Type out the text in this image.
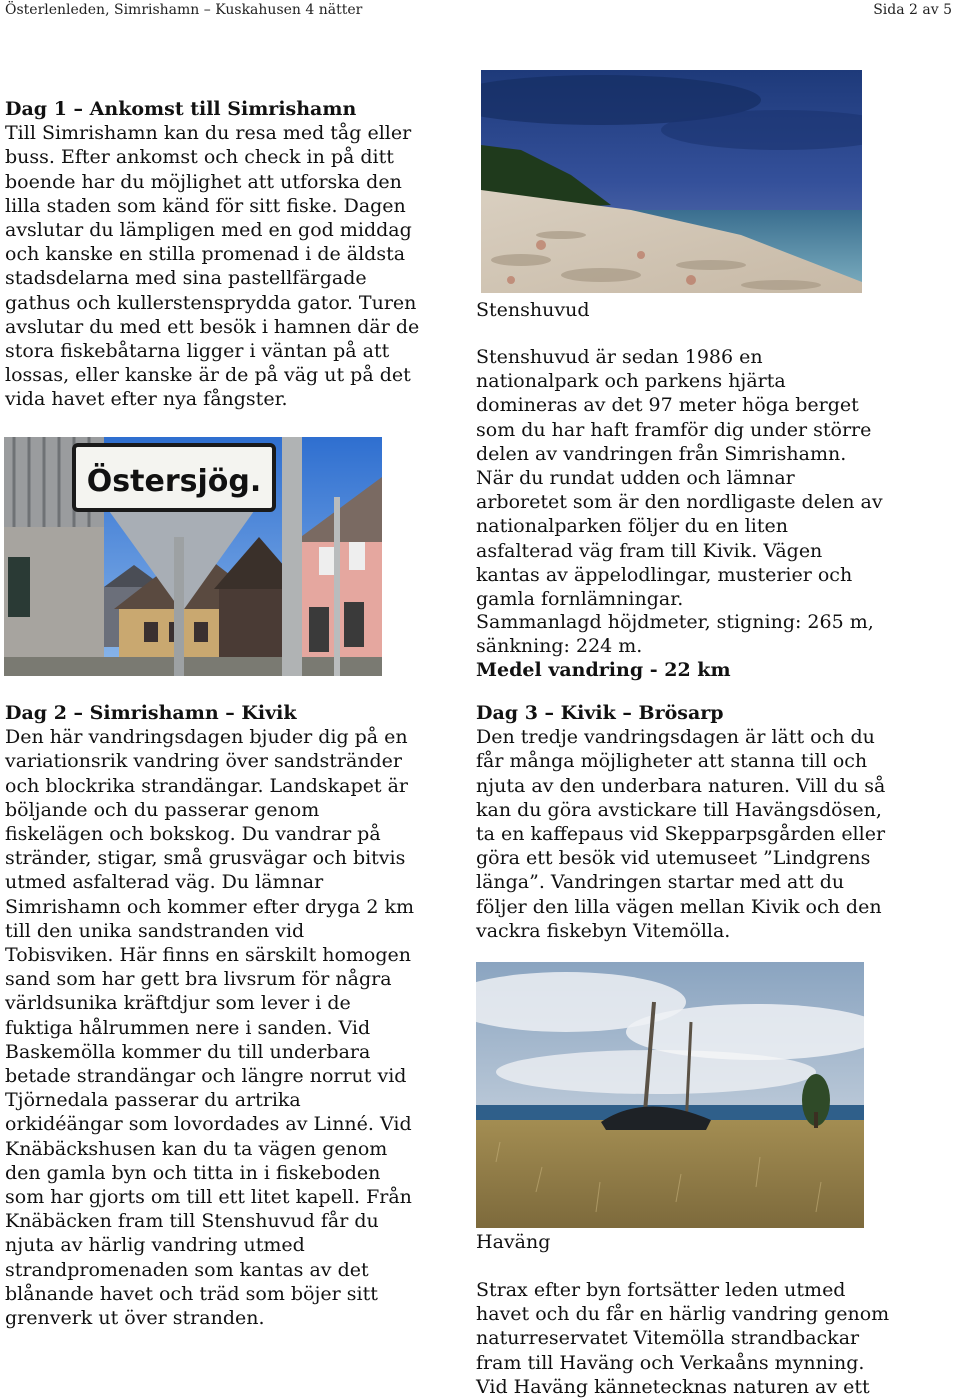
Österlenleden, Simrishamn – Kuskahusen 4 nätter	Sida 2 av 5

Dag 1 – Ankomst till Simrishamn

Till Simrishamn kan du resa med tåg eller buss. Efter ankomst och check in på ditt boende har du möjlighet att utforska den lilla staden som känd för sitt fiske. Dagen avslutar du lämpligen med en god middag och kanske en stilla promenad i de äldsta stadsdelarna med sina pastellfärgade gathus och kullerstensprydda gator. Turen avslutar du med ett besök i hamnen där de stora fiskebåtarna ligger i väntan på att lossas, eller kanske är de på väg ut på det vida havet efter nya fångster.

Östersjög.
Stenshuvud

Stenshuvud är sedan 1986 en nationalpark och parkens hjärta domineras av det 97 meter höga berget som du har haft framför dig under större delen av vandringen från Simrishamn. När du rundat udden och lämnar arboretet som är den nordligaste delen av nationalparken följer du en liten asfalterad väg fram till Kivik. Vägen kantas av äppelodlingar, musterier och gamla fornlämningar.

Sammanlagd höjdmeter, stigning: 265 m, sänkning: 224 m.

Medel vandring - 22 km

Dag 2 – Simrishamn – Kivik

Den här vandringsdagen bjuder dig på en variationsrik vandring över sandstränder och blockrika strandängar. Landskapet är böljande och du passerar genom fiskelägen och bokskog. Du vandrar på stränder, stigar, små grusvägar och bitvis utmed asfalterad väg. Du lämnar Simrishamn och kommer efter dryga 2 km till den unika sandstranden vid Tobisviken. Här finns en särskilt homogen sand som har gett bra livsrum för några världsunika kräftdjur som lever i de fuktiga hålrummen nere i sanden. Vid Baskemölla kommer du till underbara betade strandängar och längre norrut vid Tjörnedala passerar du artrika orkidéängar som lovordades av Linné. Vid Knäbäckshusen kan du ta vägen genom den gamla byn och titta in i fiskeboden som har gjorts om till ett litet kapell. Från Knäbäcken fram till Stenshuvud får du njuta av härlig vandring utmed strandpromenaden som kantas av det blånande havet och träd som böjer sitt grenverk ut över stranden.

Dag 3 – Kivik – Brösarp

Den tredje vandringsdagen är lätt och du får många möjligheter att stanna till och njuta av den underbara naturen. Vill du så kan du göra avstickare till Havängsdösen, ta en kaffepaus vid Skepparpsgården eller göra ett besök vid utemuseet ”Lindgrens länga”. Vandringen startar med att du följer den lilla vägen mellan Kivik och den vackra fiskebyn Vitemölla.

Haväng

Strax efter byn fortsätter leden utmed havet och du får en härlig vandring genom naturreservatet Vitemölla strandbackar fram till Haväng och Verkaåns mynning. Vid Haväng kännetecknas naturen av ett
